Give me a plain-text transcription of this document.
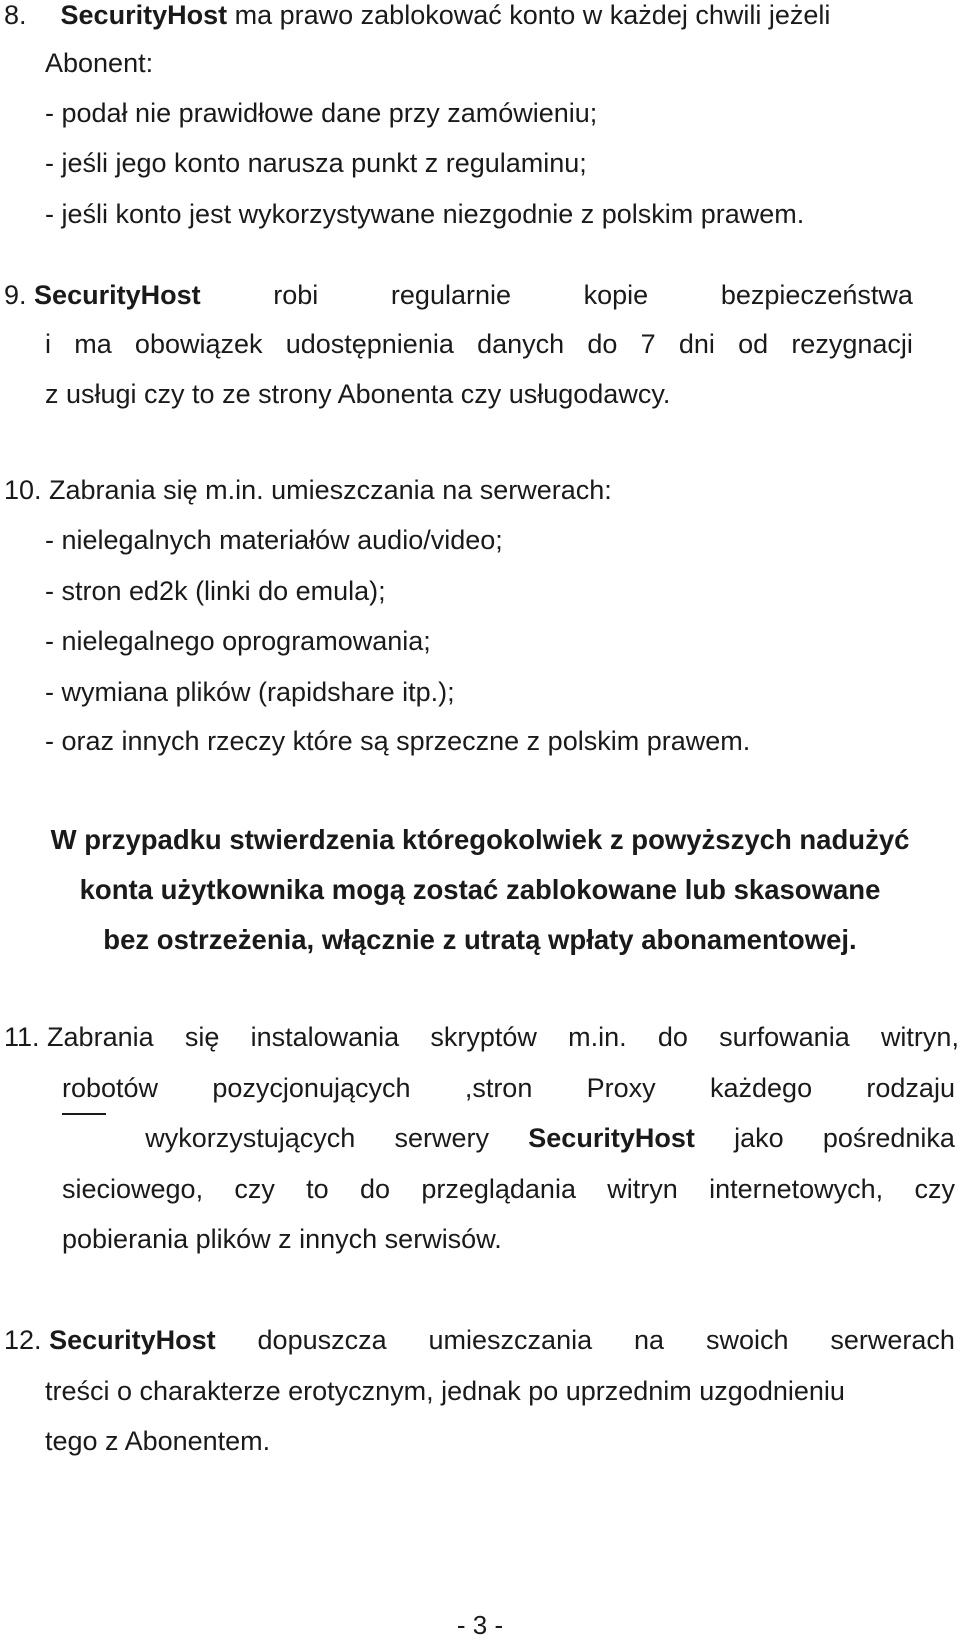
8. SecurityHost ma prawo zablokować konto w każdej chwili jeżeli
Abonent:
- podał nie prawidłowe dane przy zamówieniu;
- jeśli jego konto narusza punkt z regulaminu;
- jeśli konto jest wykorzystywane niezgodnie z polskim prawem.
9. SecurityHost	robi	regularnie	kopie	bezpieczeństwa
i ma obowiązek udostępnienia danych do 7 dni od rezygnacji
z usługi czy to ze strony Abonenta czy usługodawcy.
10. Zabrania się m.in. umieszczania na serwerach:
- nielegalnych materiałów audio/video;
- stron ed2k (linki do emula);
- nielegalnego oprogramowania;
- wymiana plików (rapidshare itp.);
- oraz innych rzeczy które są sprzeczne z polskim prawem.
W przypadku stwierdzenia któregokolwiek z powyższych nadużyć
konta użytkownika mogą zostać zablokowane lub skasowane
bez ostrzeżenia, włącznie z utratą wpłaty abonamentowej.
11. Zabrania się instalowania skryptów m.in. do surfowania witryn,
robotów pozycjonujących ,stron Proxy każdego rodzaju
wykorzystujących serwery SecurityHost jako pośrednika
sieciowego, czy to do przeglądania witryn internetowych, czy
pobierania plików z innych serwisów.
12. SecurityHost dopuszcza umieszczania na swoich serwerach
treści o charakterze erotycznym, jednak po uprzednim uzgodnieniu
tego z Abonentem.
- 3 -
